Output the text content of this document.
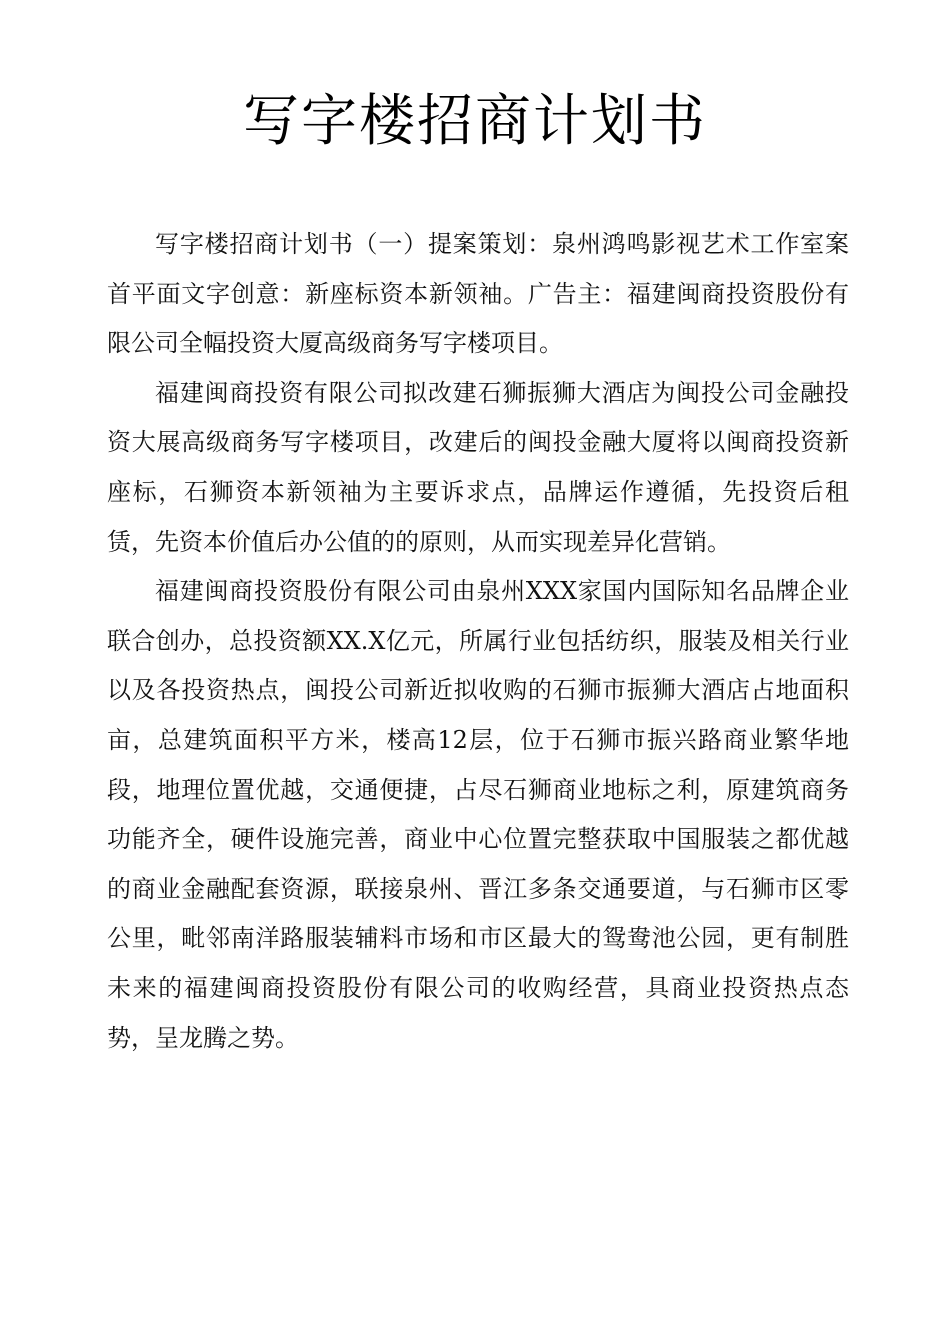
写字楼招商计划书

写字楼招商计划书（一）提案策划：泉州鸿鸣影视艺术工作室案首平面文字创意：新座标资本新领袖。广告主：福建闽商投资股份有限公司全幅投资大厦高级商务写字楼项目。

福建闽商投资有限公司拟改建石狮振狮大酒店为闽投公司金融投资大展高级商务写字楼项目，改建后的闽投金融大厦将以闽商投资新座标，石狮资本新领袖为主要诉求点，品牌运作遵循，先投资后租赁，先资本价值后办公值的的原则，从而实现差异化营销。

福建闽商投资股份有限公司由泉州XXX家国内国际知名品牌企业联合创办，总投资额XX.X亿元，所属行业包括纺织，服装及相关行业以及各投资热点，闽投公司新近拟收购的石狮市振狮大酒店占地面积亩，总建筑面积平方米，楼高12层，位于石狮市振兴路商业繁华地段，地理位置优越，交通便捷，占尽石狮商业地标之利，原建筑商务功能齐全，硬件设施完善，商业中心位置完整获取中国服装之都优越的商业金融配套资源，联接泉州、晋江多条交通要道，与石狮市区零公里，毗邻南洋路服装辅料市场和市区最大的鸳鸯池公园，更有制胜未来的福建闽商投资股份有限公司的收购经营，具商业投资热点态势，呈龙腾之势。
